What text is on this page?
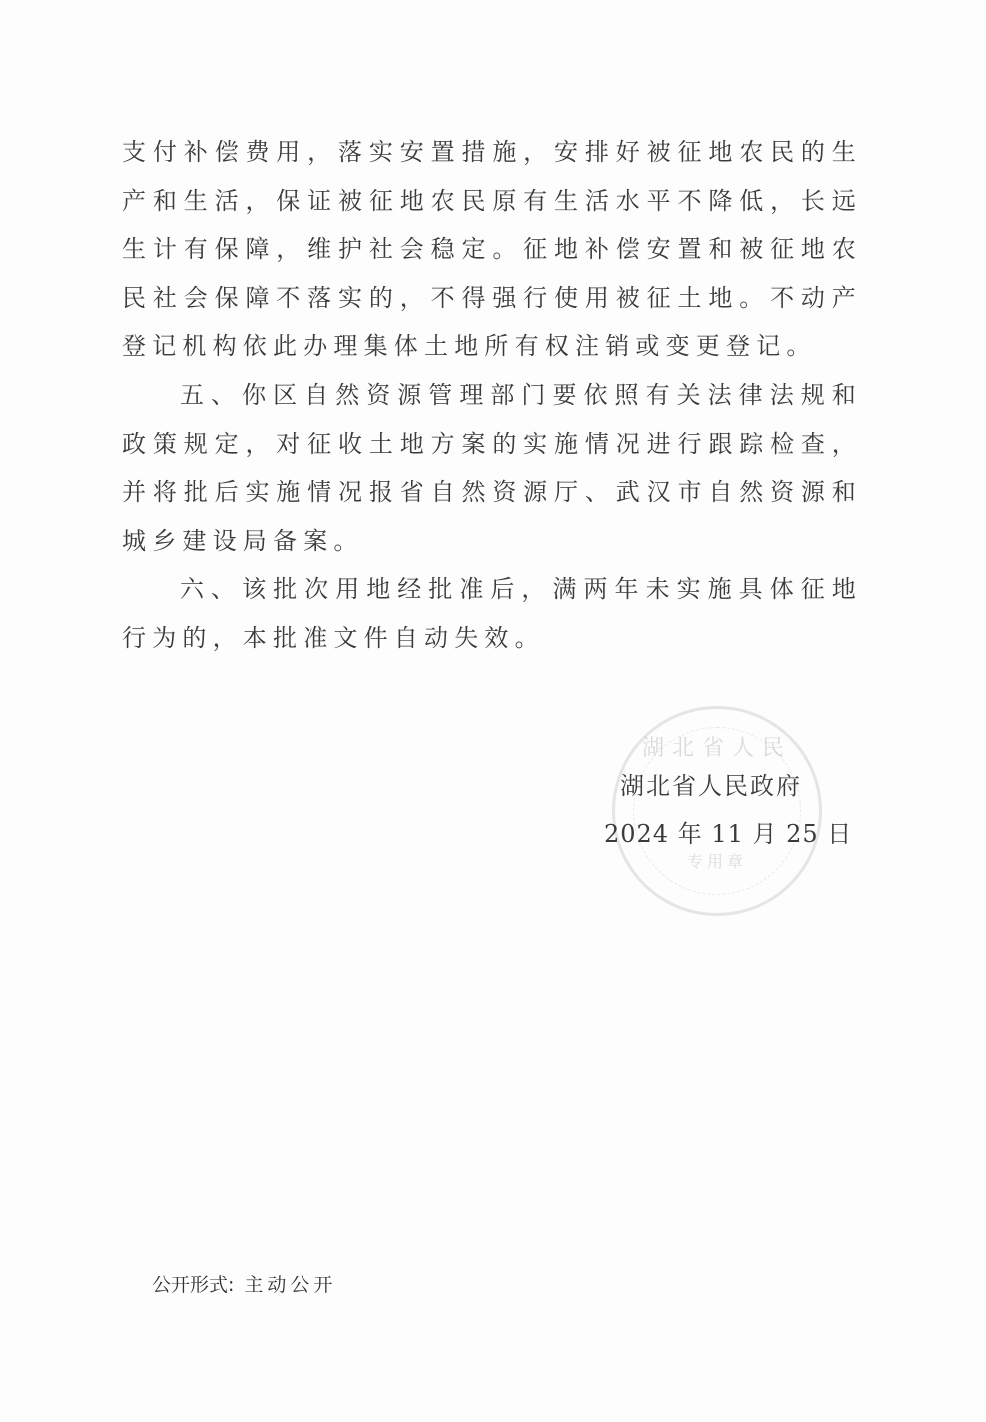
支付补偿费用，落实安置措施，安排好被征地农民的生产和生活，保证被征地农民原有生活水平不降低，长远生计有保障，维护社会稳定。征地补偿安置和被征地农民社会保障不落实的，不得强行使用被征土地。不动产登记机构依此办理集体土地所有权注销或变更登记。

五、你区自然资源管理部门要依照有关法律法规和政策规定，对征收土地方案的实施情况进行跟踪检查，并将批后实施情况报省自然资源厅、武汉市自然资源和城乡建设局备案。

六、该批次用地经批准后，满两年未实施具体征地行为的，本批准文件自动失效。

湖北省人民
专用章
湖北省人民政府
2024 年 11 月 25 日
公开形式: 主动公开
